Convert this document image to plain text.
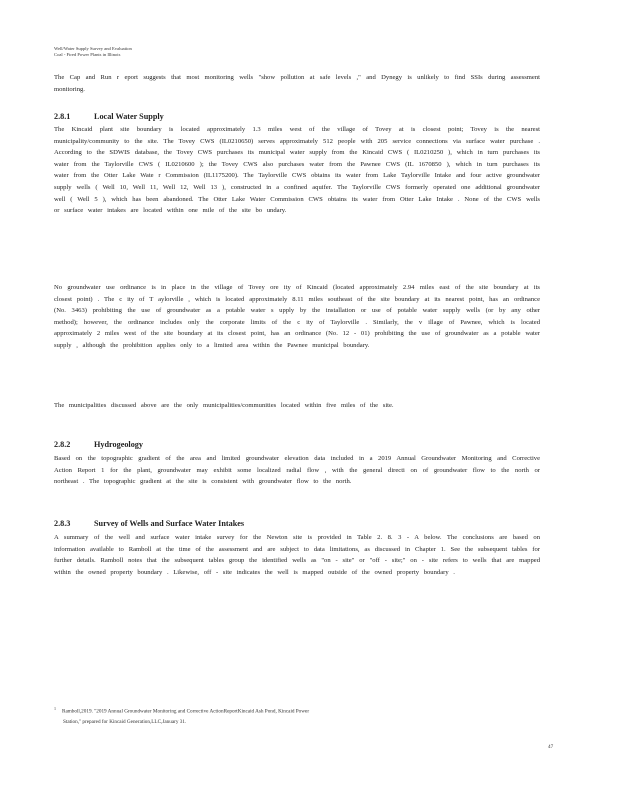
Well/Water Supply Survey and Evaluation
Coal - Fired Power Plants in Illinois
The Cap and Run r eport suggests that most monitoring wells "show pollution at safe levels ," and Dynegy is unlikely to find SSIs during assessment monitoring.
2.8.1	Local Water Supply
The Kincaid plant site boundary is located approximately 1.3 miles west of the village of Tovey at is closest point; Tovey is the nearest municipality/community to the site. The Tovey CWS (IL0210650) serves approximately 512 people with 205 service connections via surface water purchase . According to the SDWIS database, the Tovey CWS purchases its municipal water supply from the Kincaid CWS ( IL0210250 ), which in turn purchases its water from the Taylorville CWS ( IL0210600 ); the Tovey CWS also purchases water from the Pawnee CWS (IL 1670850 ), which in turn purchases its water from the Otter Lake Wate r Commission (IL1175200). The Taylorville CWS obtains its water from Lake Taylorville Intake and four active groundwater supply wells ( Well 10, Well 11, Well 12, Well 13 ), constructed in a confined aquifer. The Taylorville CWS formerly operated one additional groundwater well ( Well 5 ), which has been abandoned. The Otter Lake Water Commission CWS obtains its water from Otter Lake Intake . None of the CWS wells or surface water intakes are located within one mile of the site bo undary.
No groundwater use ordinance is in place in the village of Tovey ore ity of Kincaid (located approximately 2.94 miles east of the site boundary at its closest point) . The c ity of T aylorville , which is located approximately 8.11 miles southeast of the site boundary at its nearest point, has an ordinance (No. 3463) prohibiting the use of groundwater as a potable water s upply by the installation or use of potable water supply wells (or by any other method); however, the ordinance includes only the corporate limits of the c ity of Taylorville . Similarly, the v illage of Pawnee, which is located approximately 2 miles west of the site boundary at its closest point, has an ordinance (No. 12 - 01) prohibiting the use of groundwater as a potable water supply , although the prohibition applies only to a limited area within the Pawnee municipal boundary.
The municipalities discussed above are the only municipalities/communities located within five miles of the site.
2.8.2	Hydrogeology
Based on the topographic gradient of the area and limited groundwater elevation data included in a 2019 Annual Groundwater Monitoring and Corrective Action Report 1 for the plant, groundwater may exhibit some localized radial flow , with the general directi on of groundwater flow to the north or northeast . The topographic gradient at the site is consistent with groundwater flow to the north.
2.8.3	Survey of Wells and Surface Water Intakes
A summary of the well and surface water intake survey for the Newton site is provided in Table 2. 8. 3 - A below. The conclusions are based on information available to Ramboll at the time of the assessment and are subject to data limitations, as discussed in Chapter 1. See the subsequent tables for further details. Ramboll notes that the subsequent tables group the identified wells as "on - site" or "off - site;" on - site refers to wells that are mapped within the owned property boundary . Likewise, off - site indicates the well is mapped outside of the owned property boundary .
$^1$Ramboll,2019. "2019 Annual Groundwater Monitoring and Corrective ActionReportKincaid Ash Pond, Kincaid Power
Station," prepared for Kincaid Generation,LLC,January 31.
47
